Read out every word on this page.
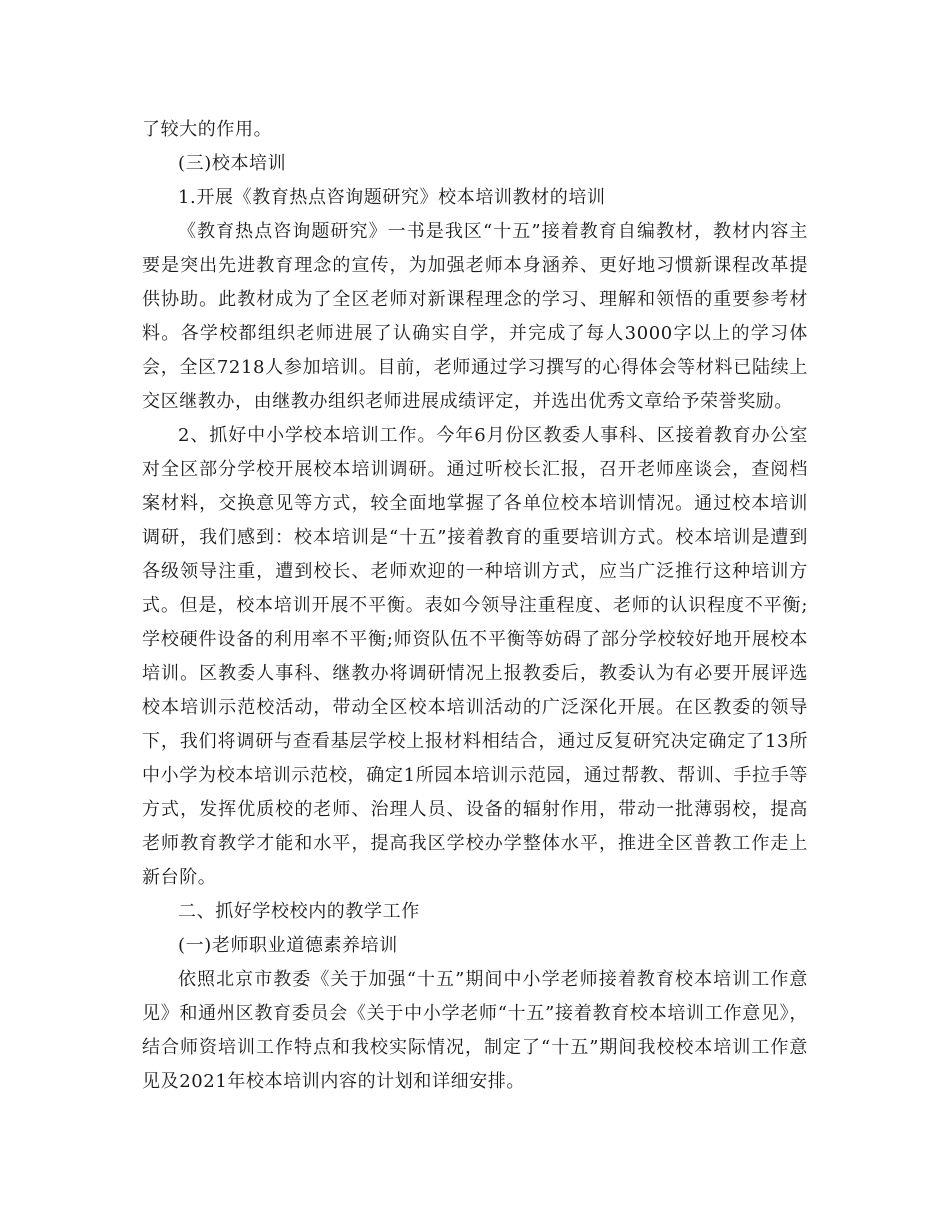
了较大的作用。

(三)校本培训

1.开展《教育热点咨询题研究》校本培训教材的培训

《教育热点咨询题研究》一书是我区“十五”接着教育自编教材，教材内容主要是突出先进教育理念的宣传，为加强老师本身涵养、更好地习惯新课程改革提供协助。此教材成为了全区老师对新课程理念的学习、理解和领悟的重要参考材料。各学校都组织老师进展了认确实自学，并完成了每人3000字以上的学习体会，全区7218人参加培训。目前，老师通过学习撰写的心得体会等材料已陆续上交区继教办，由继教办组织老师进展成绩评定，并选出优秀文章给予荣誉奖励。

2、抓好中小学校本培训工作。今年6月份区教委人事科、区接着教育办公室对全区部分学校开展校本培训调研。通过听校长汇报，召开老师座谈会，查阅档案材料，交换意见等方式，较全面地掌握了各单位校本培训情况。通过校本培训调研，我们感到：校本培训是“十五”接着教育的重要培训方式。校本培训是遭到各级领导注重，遭到校长、老师欢迎的一种培训方式，应当广泛推行这种培训方式。但是，校本培训开展不平衡。表如今领导注重程度、老师的认识程度不平衡;学校硬件设备的利用率不平衡;师资队伍不平衡等妨碍了部分学校较好地开展校本培训。区教委人事科、继教办将调研情况上报教委后，教委认为有必要开展评选校本培训示范校活动，带动全区校本培训活动的广泛深化开展。在区教委的领导下，我们将调研与查看基层学校上报材料相结合，通过反复研究决定确定了13所中小学为校本培训示范校，确定1所园本培训示范园，通过帮教、帮训、手拉手等方式，发挥优质校的老师、治理人员、设备的辐射作用，带动一批薄弱校，提高老师教育教学才能和水平，提高我区学校办学整体水平，推进全区普教工作走上新台阶。

二、抓好学校校内的教学工作

(一)老师职业道德素养培训

依照北京市教委《关于加强“十五”期间中小学老师接着教育校本培训工作意见》和通州区教育委员会《关于中小学老师“十五”接着教育校本培训工作意见》，结合师资培训工作特点和我校实际情况，制定了“十五”期间我校校本培训工作意见及2021年校本培训内容的计划和详细安排。
